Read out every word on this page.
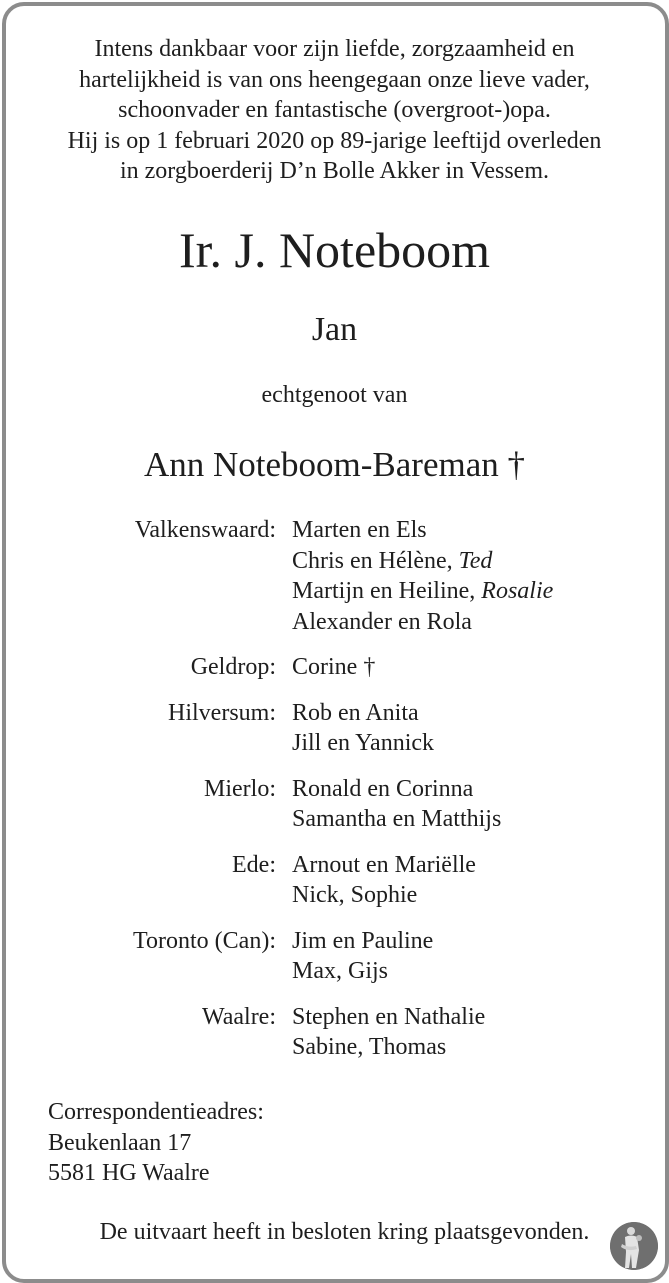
Intens dankbaar voor zijn liefde, zorgzaamheid en
hartelijkheid is van ons heengegaan onze lieve vader,
schoonvader en fantastische (overgroot-)opa.
Hij is op 1 februari 2020 op 89-jarige leeftijd overleden
in zorgboerderij D’n Bolle Akker in Vessem.
Ir. J. Noteboom
Jan
echtgenoot van
Ann Noteboom-Bareman †
Valkenswaard: Marten en Els
Chris en Hélène, Ted
Martijn en Heiline, Rosalie
Alexander en Rola
Geldrop: Corine †
Hilversum: Rob en Anita
Jill en Yannick
Mierlo: Ronald en Corinna
Samantha en Matthijs
Ede: Arnout en Mariëlle
Nick, Sophie
Toronto (Can): Jim en Pauline
Max, Gijs
Waalre: Stephen en Nathalie
Sabine, Thomas
Correspondentieadres:
Beukenlaan 17
5581 HG Waalre
De uitvaart heeft in besloten kring plaatsgevonden.
